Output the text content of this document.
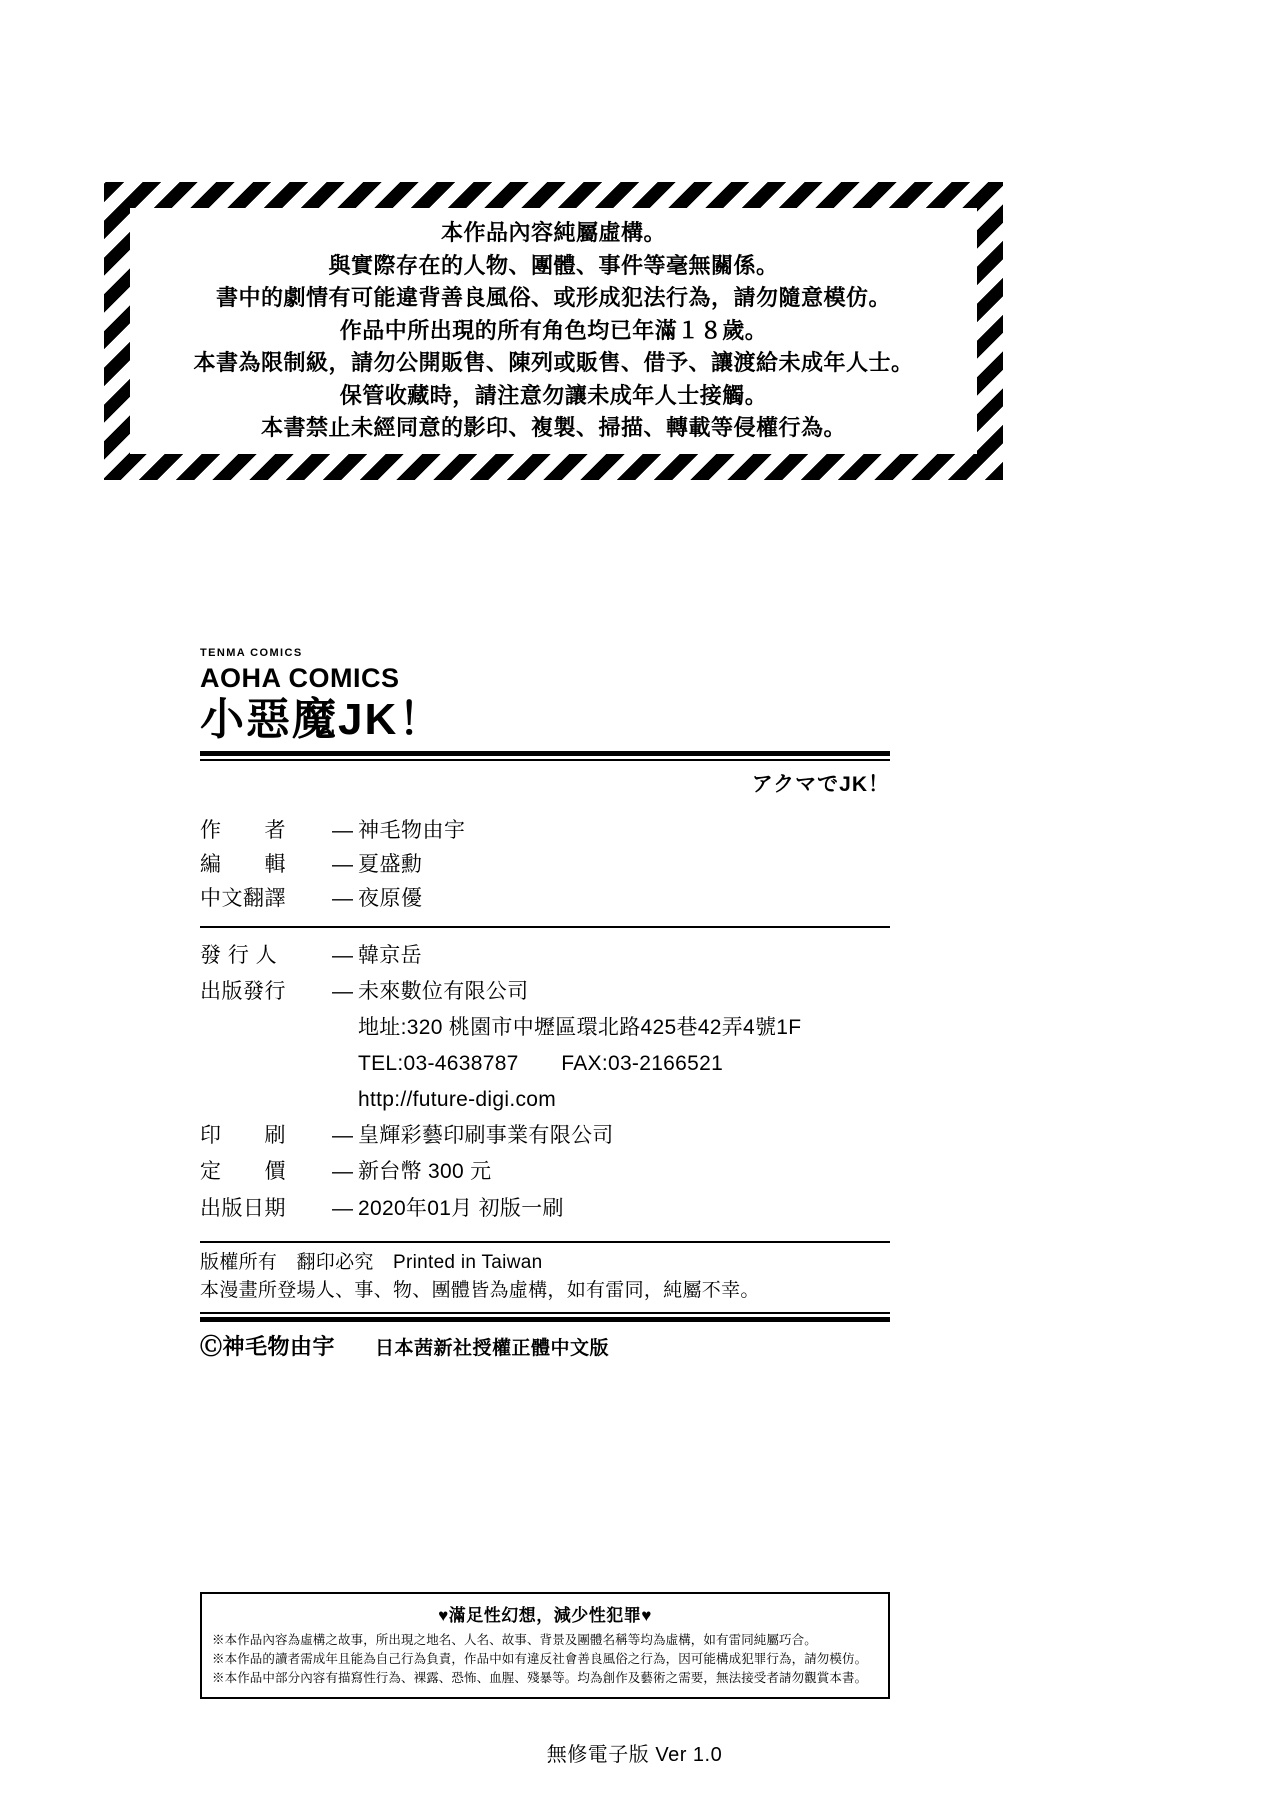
本作品內容純屬虛構。
與實際存在的人物、團體、事件等毫無關係。
書中的劇情有可能違背善良風俗、或形成犯法行為，請勿隨意模仿。
作品中所出現的所有角色均已年滿１８歲。
本書為限制級，請勿公開販售、陳列或販售、借予、讓渡給未成年人士。
保管收藏時，請注意勿讓未成年人士接觸。
本書禁止未經同意的影印、複製、掃描、轉載等侵權行為。
TENMA COMICS
AOHA COMICS
小惡魔JK！
アクマでJK！
作　　者	— 神毛物由宇
編　　輯	— 夏盛勳
中文翻譯	— 夜原優
發 行 人	— 韓京岳
出版發行	— 未來數位有限公司
地址:320 桃園市中壢區環北路425巷42弄4號1F
TEL:03-4638787　　FAX:03-2166521
http://future-digi.com
印　　刷	— 皇輝彩藝印刷事業有限公司
定　　價	— 新台幣 300 元
出版日期	— 2020年01月 初版一刷
版權所有　翻印必究　Printed in Taiwan
本漫畫所登場人、事、物、團體皆為虛構，如有雷同，純屬不幸。
Ⓒ神毛物由宇 日本茜新社授權正體中文版
♥滿足性幻想，減少性犯罪♥
※本作品內容為虛構之故事，所出現之地名、人名、故事、背景及團體名稱等均為虛構，如有雷同純屬巧合。
※本作品的讀者需成年且能為自己行為負責，作品中如有違反社會善良風俗之行為，因可能構成犯罪行為，請勿模仿。
※本作品中部分內容有描寫性行為、裸露、恐怖、血腥、殘暴等。均為創作及藝術之需要，無法接受者請勿觀賞本書。
無修電子版 Ver 1.0
